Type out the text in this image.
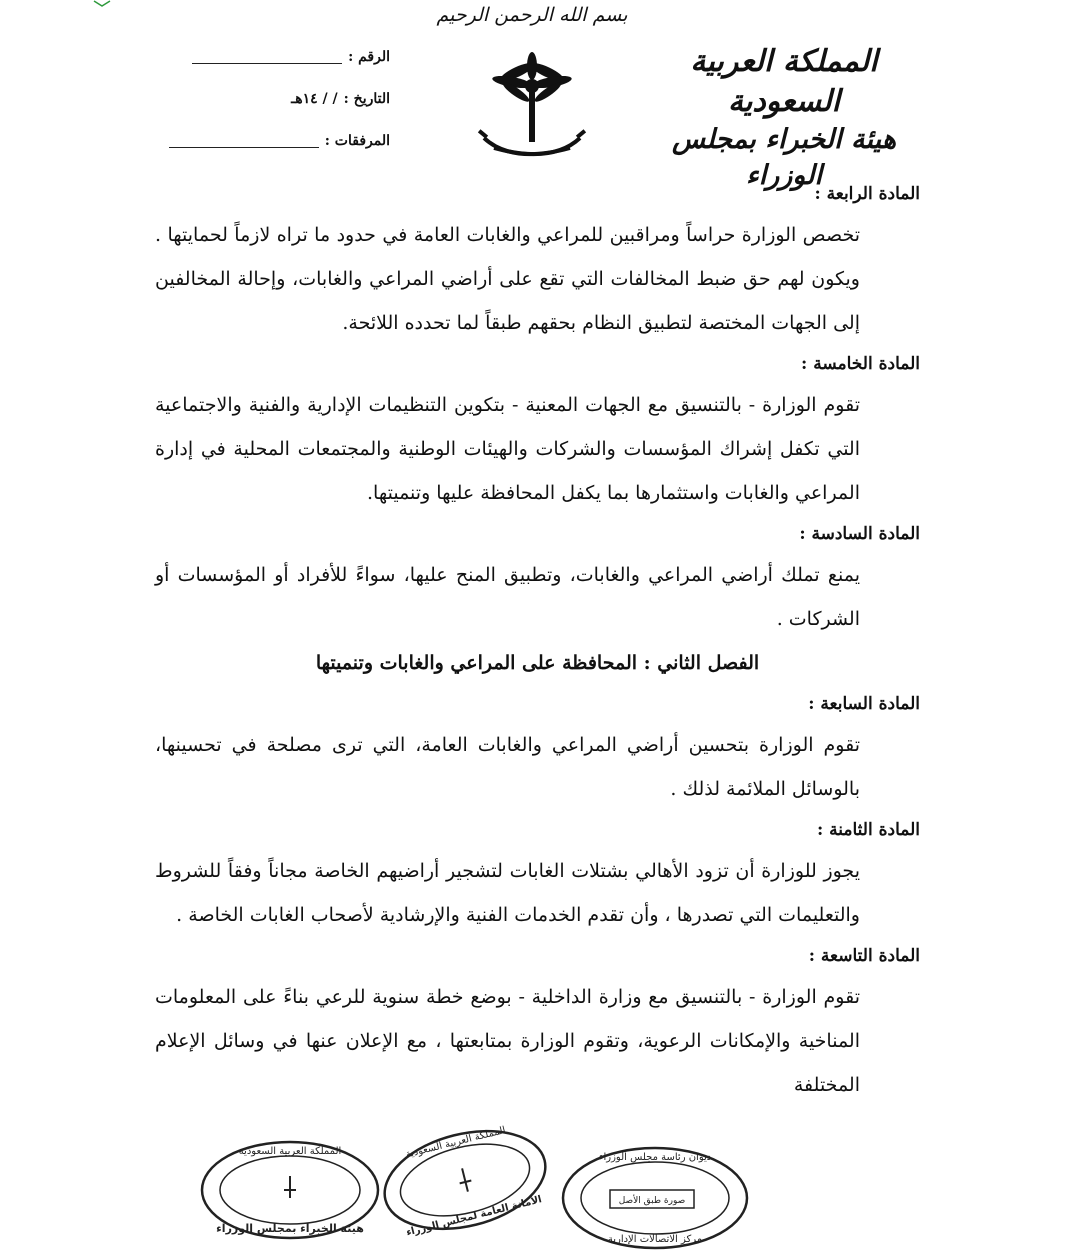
بسم الله الرحمن الرحيم
المملكة العربية السعودية
هيئة الخبراء بمجلس الوزراء
الرقم :
التاريخ :
/ / ١٤هـ
المرفقات :

المادة الرابعة :

تخصص الوزارة حراساً ومراقبين للمراعي والغابات العامة في حدود ما تراه لازماً لحمايتها . ويكون لهم حق ضبط المخالفات التي تقع على أراضي المراعي والغابات، وإحالة المخالفين إلى الجهات المختصة لتطبيق النظام بحقهم طبقاً لما تحدده اللائحة.

المادة الخامسة :

تقوم الوزارة - بالتنسيق مع الجهات المعنية - بتكوين التنظيمات الإدارية والفنية والاجتماعية التي تكفل إشراك المؤسسات والشركات والهيئات الوطنية والمجتمعات المحلية في إدارة المراعي والغابات واستثمارها بما يكفل المحافظة عليها وتنميتها.

المادة السادسة :

يمنع تملك أراضي المراعي والغابات، وتطبيق المنح عليها، سواءً للأفراد أو المؤسسات أو الشركات .

الفصل الثاني : المحافظة على المراعي والغابات وتنميتها

المادة السابعة :

تقوم الوزارة بتحسين أراضي المراعي والغابات العامة، التي ترى مصلحة في تحسينها، بالوسائل الملائمة لذلك .

المادة الثامنة :

يجوز للوزارة أن تزود الأهالي بشتلات الغابات لتشجير أراضيهم الخاصة مجاناً وفقاً للشروط والتعليمات التي تصدرها ، وأن تقدم الخدمات الفنية والإرشادية لأصحاب الغابات الخاصة .

المادة التاسعة :

تقوم الوزارة - بالتنسيق مع وزارة الداخلية - بوضع خطة سنوية للرعي بناءً على المعلومات المناخية والإمكانات الرعوية، وتقوم الوزارة بمتابعتها ، مع الإعلان عنها في وسائل الإعلام المختلفة

المملكة العربية السعودية
هيئة الخبراء بمجلس الوزراء
المملكة العربية السعودية
الأمانة العامة لمجلس الوزراء
ديوان رئاسة مجلس الوزراء
صورة طبق الأصل
مركز الاتصالات الإدارية
